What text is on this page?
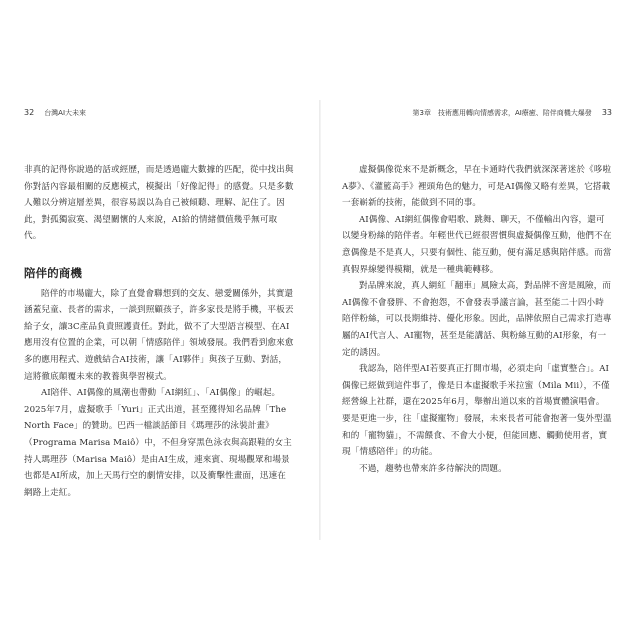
32 台灣AI大未來

非真的記得你說過的話或經歷，而是透過龐大數據的匹配，從中找出與你對話內容最相關的反應模式，模擬出「好像記得」的感覺。只是多數人難以分辨這層差異，很容易誤以為自己被傾聽、理解、記住了。因此，對孤獨寂寞、渴望關懷的人來說，AI給的情緒價值幾乎無可取代。

陪伴的商機

陪伴的市場龐大，除了直覺會聯想到的交友、戀愛關係外，其實還涵蓋兒童、長者的需求，一談到照顧孩子，許多家長是將手機，平板丟給子女，讓3C產品負責照護責任。對此，做不了大型語言模型、在AI應用沒有位置的企業，可以朝「情感陪伴」領域發展。我們看到愈來愈多的應用程式、遊戲結合AI技術，讓「AI夥伴」與孩子互動、對話，這將徹底顛覆未來的教養與學習模式。

AI陪伴、AI偶像的風潮也帶動「AI網紅」、「AI偶像」的崛起。2025年7月，虛擬歌手「Yuri」正式出道，甚至獲得知名品牌「The North Face」的贊助。巴西一檔談話節目《瑪理莎的泳裝計畫》（Programa Marisa Maiô）中，不但身穿黑色泳衣與高跟鞋的女主持人瑪理莎（Marisa Maiô）是由AI生成，連來賓、現場觀眾和場景也都是AI所成，加上天馬行空的劇情安排，以及衝擊性畫面，迅速在網路上走紅。

第3章　技術應用轉向情感需求，AI療癒、陪伴商機大爆發 33

虛擬偶像從來不是新概念，早在卡通時代我們就深深著迷於《哆啦A夢》、《灌籃高手》裡頭角色的魅力，可是AI偶像又略有差異，它搭載一套嶄新的技術，能做到不同的事。

AI偶像、AI網紅偶像會唱歌、跳舞、聊天，不僅輸出內容，還可以變身粉絲的陪伴者。年輕世代已經很習慣與虛擬偶像互動，他們不在意偶像是不是真人，只要有個性、能互動，便有滿足感與陪伴感。而當真假界線變得模糊，就是一種典範轉移。

對品牌來說，真人網紅「翻車」風險太高，對品牌不啻是風險，而AI偶像不會發胖、不會抱怨，不會發表爭議言論，甚至能二十四小時陪伴粉絲，可以長期維持、優化形象。因此，品牌依照自己需求打造專屬的AI代言人、AI寵物，甚至是能講話、與粉絲互動的AI形象，有一定的誘因。

我認為，陪伴型AI若要真正打開市場，必須走向「虛實整合」。AI偶像已經做到這件事了，像是日本虛擬歌手米拉蜜（Mila Mii），不僅經營線上社群，還在2025年6月，舉辦出道以來的首場實體演唱會。要是更進一步，往「虛擬寵物」發展，未來長者可能會抱著一隻外型溫和的「寵物貓」，不需餵食、不會大小便，但能回應、觸動使用者，實現「情感陪伴」的功能。

不過，趨勢也帶來許多待解決的問題。
